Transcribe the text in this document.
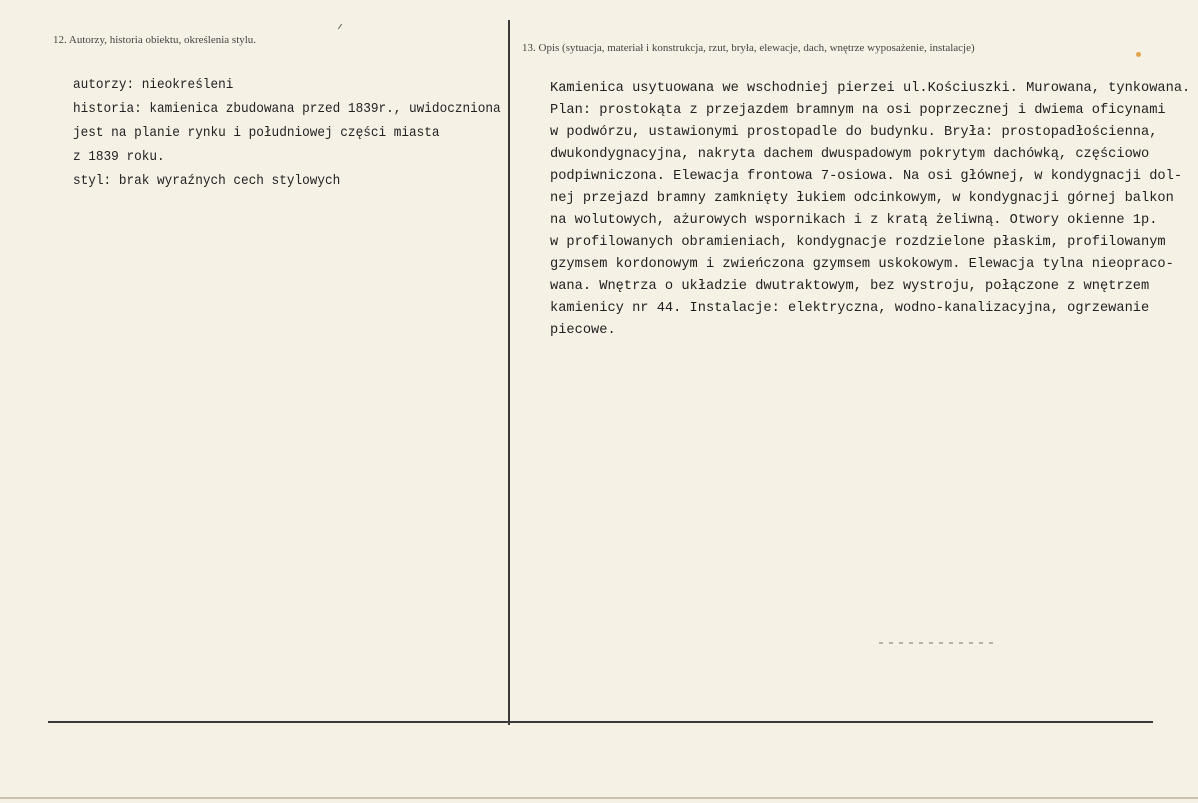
12. Autorzy, historia obiektu, określenia stylu.
13. Opis (sytuacja, materiał i konstrukcja, rzut, bryła, elewacje, dach, wnętrze wyposażenie, instalacje)
autorzy: nieokreśleni
historia: kamienica zbudowana przed 1839r., uwidoczniona
jest na planie rynku i południowej części miasta
z 1839 roku.
styl: brak wyraźnych cech stylowych
Kamienica usytuowana we wschodniej pierzei ul.Kościuszki. Murowana, tynkowana.
Plan: prostokąta z przejazdem bramnym na osi poprzecznej i dwiema oficynami
w podwórzu, ustawionymi prostopadle do budynku. Bryła: prostopadłościenna,
dwukondygnacyjna, nakryta dachem dwuspadowym pokrytym dachówką, częściowo
podpiwniczona. Elewacja frontowa 7-osiowa. Na osi głównej, w kondygnacji dol-
nej przejazd bramny zamknięty łukiem odcinkowym, w kondygnacji górnej balkon
na wolutowych, ażurowych wspornikach i z kratą żeliwną. Otwory okienne 1p.
w profilowanych obramieniach, kondygnacje rozdzielone płaskim, profilowanym
gzymsem kordonowym i zwieńczona gzymsem uskokowym. Elewacja tylna nieopraco-
wana. Wnętrza o układzie dwutraktowym, bez wystroju, połączone z wnętrzem
kamienicy nr 44. Instalacje: elektryczna, wodno-kanalizacyjna, ogrzewanie
piecowe.
